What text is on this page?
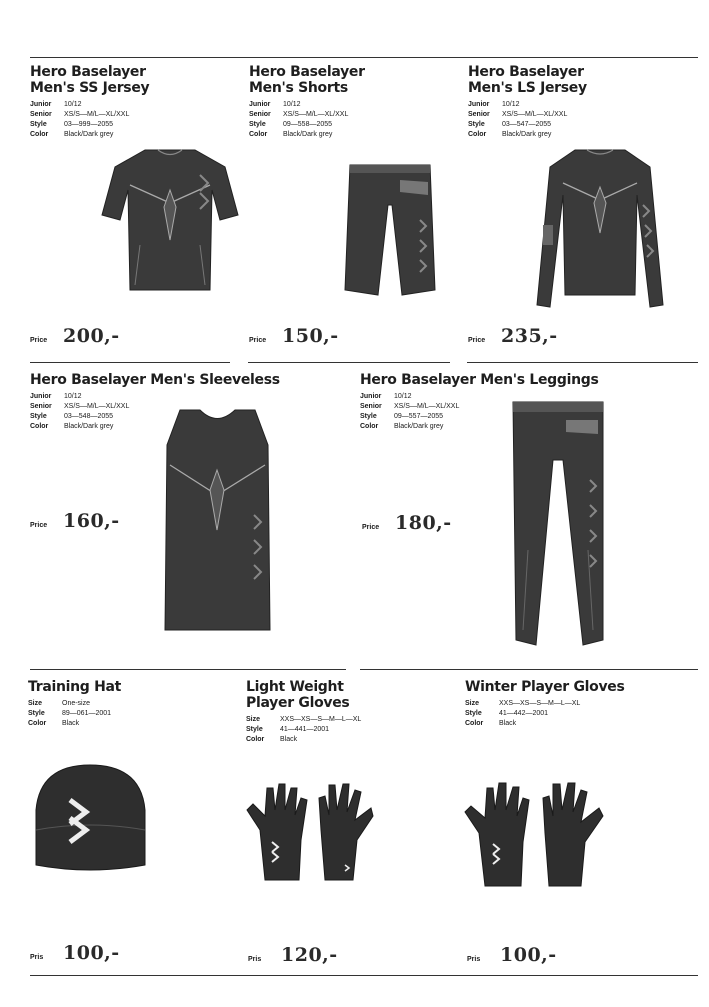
Hero Baselayer
Men's SS Jersey

Junior	10/12
Senior	XS/S—M/L—XL/XXL
Style	03—999—2055
Color	Black/Dark grey
Price 200,-

Hero Baselayer
Men's Shorts

Junior	10/12
Senior	XS/S—M/L—XL/XXL
Style	09—558—2055
Color	Black/Dark grey
Price 150,-

Hero Baselayer
Men's LS Jersey

Junior	10/12
Senior	XS/S—M/L—XL/XXL
Style	03—547—2055
Color	Black/Dark grey
Price 235,-

Hero Baselayer Men's Sleeveless

Junior	10/12
Senior	XS/S—M/L—XL/XXL
Style	03—548—2055
Color	Black/Dark grey
Price 160,-

Hero Baselayer Men's Leggings

Junior	10/12
Senior	XS/S—M/L—XL/XXL
Style	09—557—2055
Color	Black/Dark grey
Price 180,-

Training Hat

Size	One-size
Style	89—061—2001
Color	Black
Pris	100,-

Light Weight
Player Gloves

Size	XXS—XS—S—M—L—XL
Style	41—441—2001
Color	Black
Pris	120,-

Winter Player Gloves

Size	XXS—XS—S—M—L—XL
Style	41—442—2001
Color	Black
Pris	100,-
